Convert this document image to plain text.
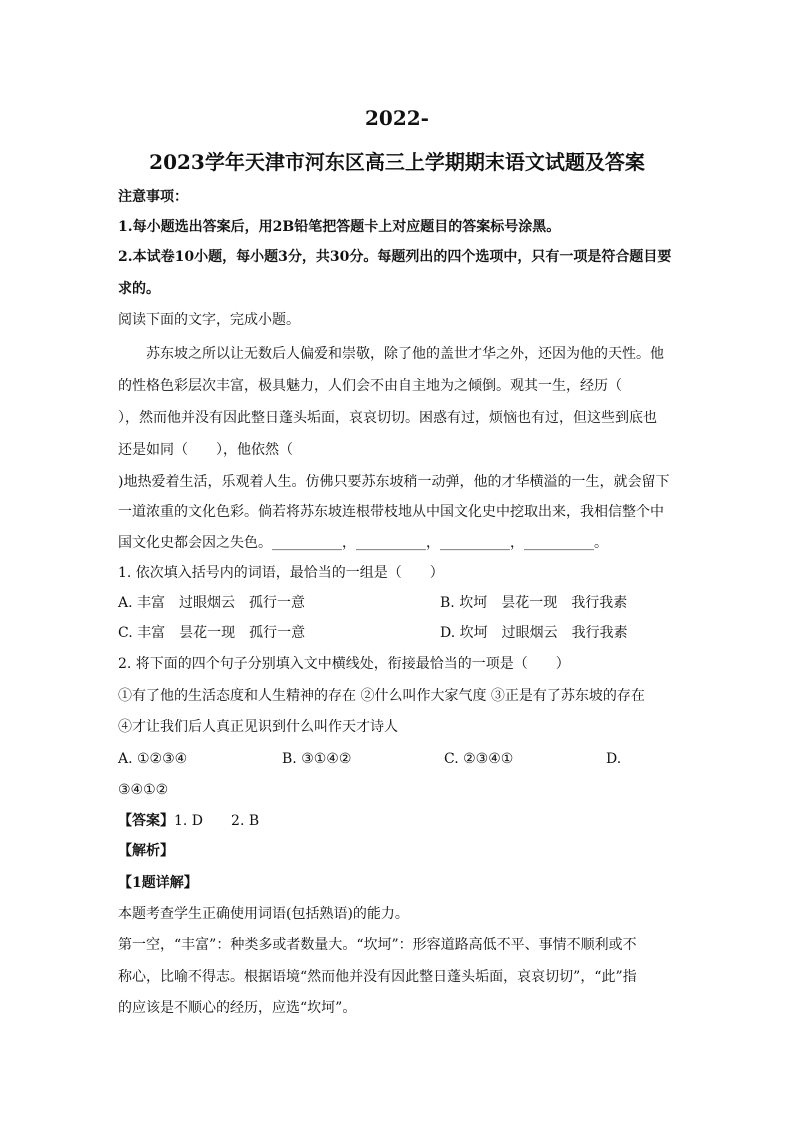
2022-
2023学年天津市河东区高三上学期期末语文试题及答案
注意事项：
1.每小题选出答案后，用2B铅笔把答题卡上对应题目的答案标号涂黑。
2.本试卷10小题，每小题3分，共30分。每题列出的四个选项中，只有一项是符合题目要
求的。
阅读下面的文字，完成小题。
苏东坡之所以让无数后人偏爱和崇敬，除了他的盖世才华之外，还因为他的天性。他
的性格色彩层次丰富，极具魅力，人们会不由自主地为之倾倒。观其一生，经历（
），然而他并没有因此整日蓬头垢面，哀哀切切。困惑有过，烦恼也有过，但这些到底也
还是如同（　　），他依然（
)地热爱着生活，乐观着人生。仿佛只要苏东坡稍一动弹，他的才华横溢的一生，就会留下
一道浓重的文化色彩。倘若将苏东坡连根带枝地从中国文化史中挖取出来，我相信整个中
国文化史都会因之失色。__________，__________，__________，__________。
1. 依次填入括号内的词语，最恰当的一组是（　　）
A. 丰富　过眼烟云　孤行一意	B. 坎坷　昙花一现　我行我素
C. 丰富　昙花一现　孤行一意	D. 坎坷　过眼烟云　我行我素
2. 将下面的四个句子分别填入文中横线处，衔接最恰当的一项是（　　）
①有了他的生活态度和人生精神的存在 ②什么叫作大家气度 ③正是有了苏东坡的存在
④才让我们后人真正见识到什么叫作天才诗人
A. ①②③④	B. ③①④②	C. ②③④①	D.
③④①②
【答案】1. D　　2. B
【解析】
【1题详解】
本题考查学生正确使用词语(包括熟语)的能力。
第一空，“丰富”：种类多或者数量大。“坎坷”：形容道路高低不平、事情不顺利或不
称心，比喻不得志。根据语境“然而他并没有因此整日蓬头垢面，哀哀切切”，“此”指
的应该是不顺心的经历，应选“坎坷”。
